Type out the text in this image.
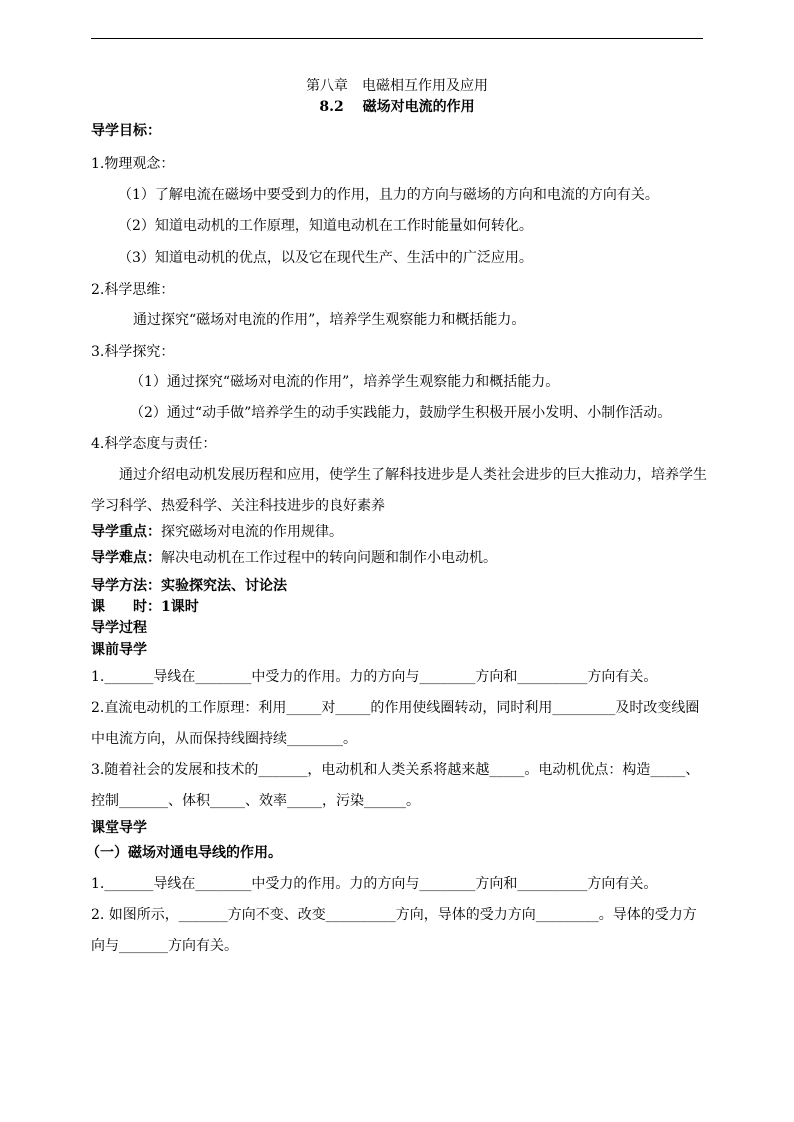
第八章　电磁相互作用及应用
8.2　 磁场对电流的作用
导学目标：
1.物理观念：
（1）了解电流在磁场中要受到力的作用，且力的方向与磁场的方向和电流的方向有关。
（2）知道电动机的工作原理，知道电动机在工作时能量如何转化。
（3）知道电动机的优点，以及它在现代生产、生活中的广泛应用。
2.科学思维：
通过探究“磁场对电流的作用”，培养学生观察能力和概括能力。
3.科学探究：
（1）通过探究“磁场对电流的作用”，培养学生观察能力和概括能力。
（2）通过“动手做”培养学生的动手实践能力，鼓励学生积极开展小发明、小制作活动。
4.科学态度与责任：
通过介绍电动机发展历程和应用，使学生了解科技进步是人类社会进步的巨大推动力，培养学生
学习科学、热爱科学、关注科技进步的良好素养
导学重点：探究磁场对电流的作用规律。
导学难点：解决电动机在工作过程中的转向问题和制作小电动机。
导学方法：实验探究法、讨论法
课　　时：1课时
导学过程
课前导学
1._______导线在________中受力的作用。力的方向与________方向和__________方向有关。
2.直流电动机的工作原理：利用_____对_____的作用使线圈转动，同时利用_________及时改变线圈
中电流方向，从而保持线圈持续________。
3.随着社会的发展和技术的_______，电动机和人类关系将越来越_____。电动机优点：构造_____、
控制_______、体积_____、效率_____，污染______。
课堂导学
（一）磁场对通电导线的作用。
1._______导线在________中受力的作用。力的方向与________方向和__________方向有关。
2. 如图所示，_______方向不变、改变__________方向，导体的受力方向_________。导体的受力方
向与_______方向有关。
